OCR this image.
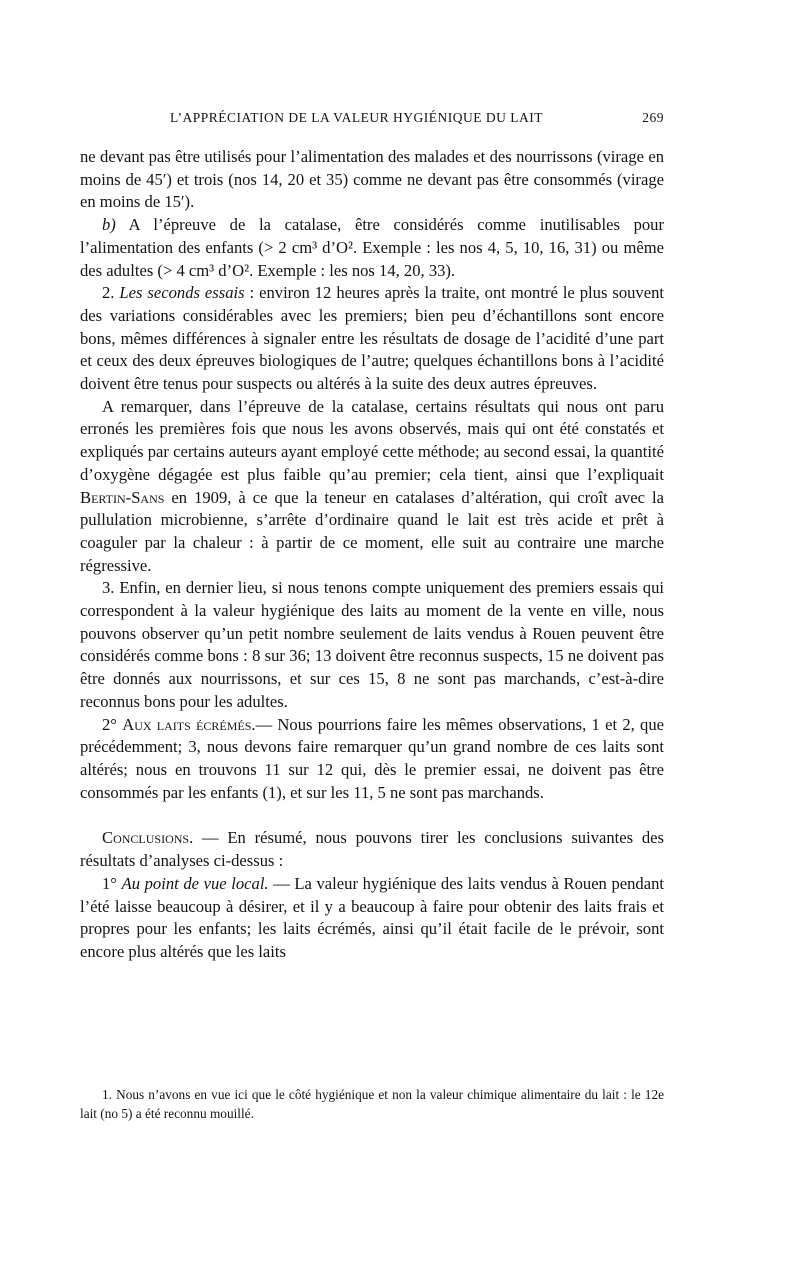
L’APPRÉCIATION DE LA VALEUR HYGIÉNIQUE DU LAIT	269

ne devant pas être utilisés pour l’alimentation des malades et des nourrissons (virage en moins de 45′) et trois (nos 14, 20 et 35) comme ne devant pas être consommés (virage en moins de 15′).

b) A l’épreuve de la catalase, être considérés comme inutilisables pour l’alimentation des enfants (> 2 cm³ d’O². Exemple : les nos 4, 5, 10, 16, 31) ou même des adultes (> 4 cm³ d’O². Exemple : les nos 14, 20, 33).

2. Les seconds essais : environ 12 heures après la traite, ont montré le plus souvent des variations considérables avec les premiers; bien peu d’échantillons sont encore bons, mêmes différences à signaler entre les résultats de dosage de l’acidité d’une part et ceux des deux épreuves biologiques de l’autre; quelques échantillons bons à l’acidité doivent être tenus pour suspects ou altérés à la suite des deux autres épreuves.

A remarquer, dans l’épreuve de la catalase, certains résultats qui nous ont paru erronés les premières fois que nous les avons observés, mais qui ont été constatés et expliqués par certains auteurs ayant employé cette méthode; au second essai, la quantité d’oxygène dégagée est plus faible qu’au premier; cela tient, ainsi que l’expliquait Bertin-Sans en 1909, à ce que la teneur en catalases d’altération, qui croît avec la pullulation microbienne, s’arrête d’ordinaire quand le lait est très acide et prêt à coaguler par la chaleur : à partir de ce moment, elle suit au contraire une marche régressive.

3. Enfin, en dernier lieu, si nous tenons compte uniquement des premiers essais qui correspondent à la valeur hygiénique des laits au moment de la vente en ville, nous pouvons observer qu’un petit nombre seulement de laits vendus à Rouen peuvent être considérés comme bons : 8 sur 36; 13 doivent être reconnus suspects, 15 ne doivent pas être donnés aux nourrissons, et sur ces 15, 8 ne sont pas marchands, c’est-à-dire reconnus bons pour les adultes.

2° Aux laits écrémés.— Nous pourrions faire les mêmes observations, 1 et 2, que précédemment; 3, nous devons faire remarquer qu’un grand nombre de ces laits sont altérés; nous en trouvons 11 sur 12 qui, dès le premier essai, ne doivent pas être consommés par les enfants (1), et sur les 11, 5 ne sont pas marchands.

Conclusions. — En résumé, nous pouvons tirer les conclusions suivantes des résultats d’analyses ci-dessus :

1° Au point de vue local. — La valeur hygiénique des laits vendus à Rouen pendant l’été laisse beaucoup à désirer, et il y a beaucoup à faire pour obtenir des laits frais et propres pour les enfants; les laits écrémés, ainsi qu’il était facile de le prévoir, sont encore plus altérés que les laits

1. Nous n’avons en vue ici que le côté hygiénique et non la valeur chimique alimentaire du lait : le 12e lait (no 5) a été reconnu mouillé.
